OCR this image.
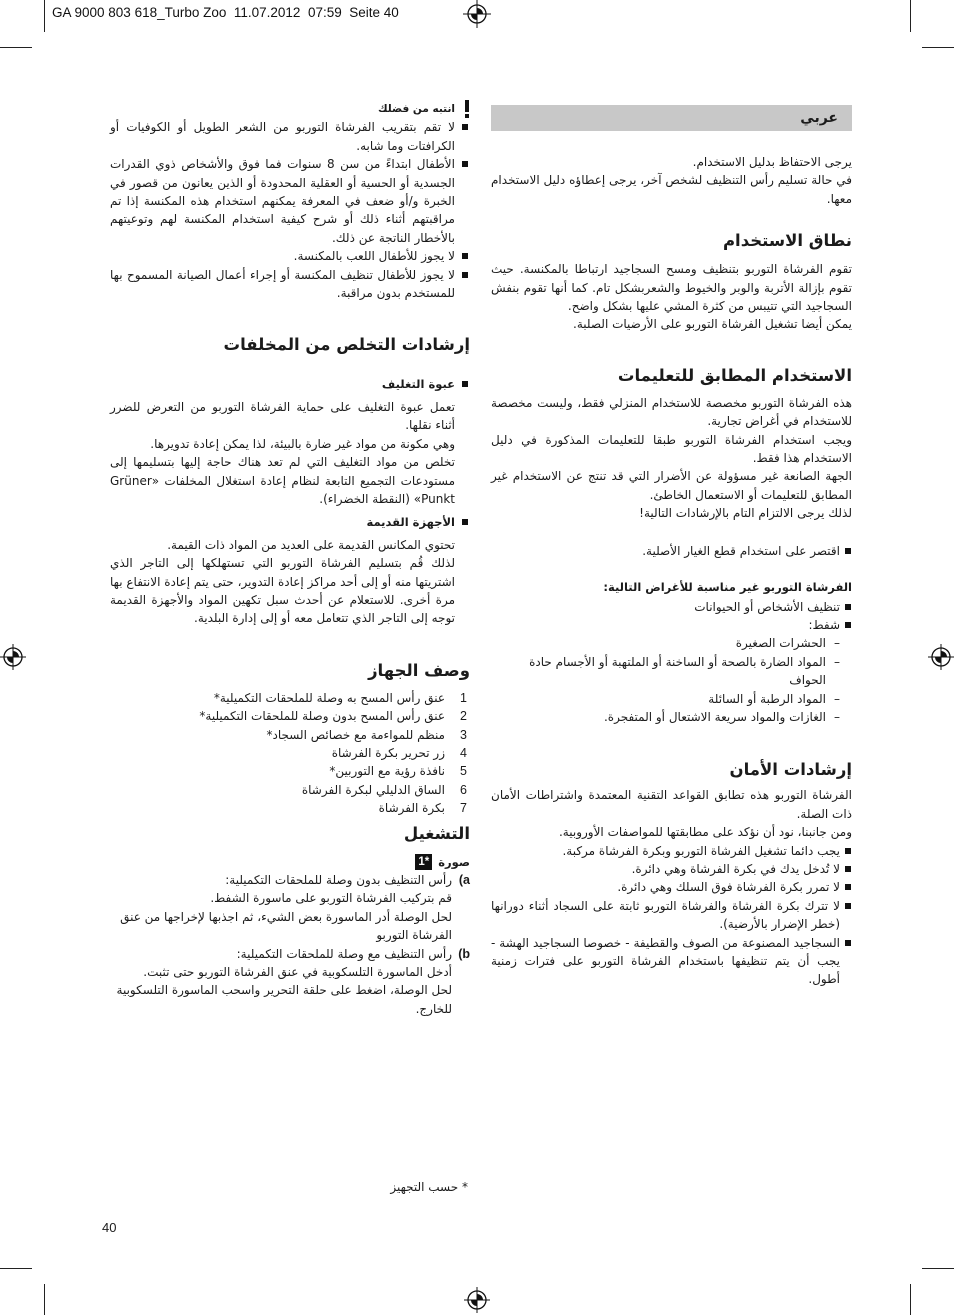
GA 9000 803 618_Turbo Zoo  11.07.2012  07:59  Seite 40
عربي

يرجى الاحتفاظ بدليل الاستخدام.

في حالة تسليم رأس التنظيف لشخص آخر، يرجى إعطاؤه دليل الاستخدام معها.

نطاق الاستخدام

تقوم الفرشاة التوربو بتنظيف ومسح السجاجيد ارتباطا بالمكنسة. حيث تقوم بإزالة الأتربة والوبر والخيوط والشعربشكل تام. كما أنها تقوم بنفش السجاجيد التي تتيبس من كثرة المشي عليها بشكل واضح.

يمكن أيضا تشغيل الفرشاة التوربو على الأرضيات الصلبة.

الاستخدام المطابق للتعليمات

هذه الفرشاة التوربو مخصصة للاستخدام المنزلي فقط، وليست مخصصة للاستخدام في أغراض تجارية.

ويجب استخدام الفرشاة التوربو طبقا للتعليمات المذكورة في دليل الاستخدام هذا فقط.

الجهة الصانعة غير مسؤولة عن الأضرار التي قد تنتج عن الاستخدام غير المطابق للتعليمات أو الاستعمال الخاطئ.

لذلك يرجى الالتزام التام بالإرشادات التالية!

اقتصر على استخدام قطع الغيار الأصلية.

الفرشاة التوربو غير مناسبة للأغراض التالية:

تنظيف الأشخاص أو الحيوانات

شفط:

– الحشرات الصغيرة

– المواد الضارة بالصحة أو الساخنة أو الملتهبة أو الأجسام حادة الحواف

– المواد الرطبة أو السائلة

– الغازات والمواد سريعة الاشتعال أو المتفجرة.

إرشادات الأمان

الفرشاة التوربو هذه تطابق القواعد التقنية المعتمدة واشتراطات الأمان ذات الصلة.

ومن جانبنا، نود أن نؤكد على مطابقتها للمواصفات الأوروبية.

يجب دائما تشغيل الفرشاة التوربو وبكرة الفرشاة مركبة.

لا تُدخل يدك في بكرة الفرشاة وهي دائرة.

لا تمرر بكرة الفرشاة فوق السلك وهي دائرة.

لا تترك بكرة الفرشاة والفرشاة التوربو ثابتة على السجاد أثناء دورانها (خطر الإضرار بالأرضية).

السجاجيد المصنوعة من الصوف والقطيفة - خصوصا السجاجيد الهشة - يجب أن يتم تنظيفها باستخدام الفرشاة التوربو على فترات زمنية أطول.

انتبه من فضلك

لا تقم بتقريب الفرشاة التوربو من الشعر الطويل أو الكوفيات أو الكرافتات وما شابه.

الأطفال ابتداءً من سن 8 سنوات فما فوق والأشخاص ذوي القدرات الجسدية أو الحسية أو العقلية المحدودة أو الذين يعانون من قصور في الخبرة و/أو ضعف في المعرفة يمكنهم استخدام هذه المكنسة إذا تم مراقبتهم أثناء ذلك أو شرح كيفية استخدام المكنسة لهم وتوعيتهم بالأخطار الناتجة عن ذلك.

لا يجوز للأطفال اللعب بالمكنسة.

لا يجوز للأطفال تنظيف المكنسة أو إجراء أعمال الصيانة المسموح بها للمستخدم بدون مراقبة.

إرشادات التخلص من المخلفات

عبوة التغليف

تعمل عبوة التغليف على حماية الفرشاة التوربو من التعرض للضرر أثناء نقلها.

وهي مكونة من مواد غير ضارة بالبيئة، لذا يمكن إعادة تدويرها.

تخلص من مواد التغليف التي لم تعد هناك حاجة إليها بتسليمها إلى مستودعات التجميع التابعة لنظام إعادة استغلال المخلفات «Grüner Punkt» (النقطة الخضراء).

الأجهزة القديمة

تحتوي المكانس القديمة على العديد من المواد ذات القيمة.

لذلك قُم بتسليم الفرشاة التوربو التي تستهلكها إلى التاجر الذي اشتريتها منه أو إلى أحد مراكز إعادة التدوير، حتى يتم إعادة الانتفاع بها مرة أخرى. للاستعلام عن أحدث سبل تكهين المواد والأجهزة القديمة توجه إلى التاجر الذي تتعامل معه أو إلى إدارة البلدية.

وصف الجهاز

1
عنق رأس المسح به وصلة للملحقات التكميلية*

2
عنق رأس المسح بدون وصلة للملحقات التكميلية*

3
منظم للمواءمة مع خصائص السجاد*

4
زر تحرير بكرة الفرشاة

5
نافذة رؤية مع التوربين*

6
الساق الدليلي لبكرة الفرشاة

7
بكرة الفرشاة

التشغيل
صورة
1*
a)

رأس التنظيف بدون وصلة للملحقات التكميلية:

قم بتركيب الفرشاة التوربو على ماسورة الشفط.

لحل الوصلة أدر الماسورة بعض الشيء، ثم اجذبها لإخراجها من عنق الفرشاة التوربو

b)

رأس التنظيف مع وصلة للملحقات التكميلية:

أدخل الماسورة التلسكوبية في عنق الفرشاة التوربو حتى تثبت.

لحل الوصلة، اضغط على حلقة التحرير واسحب الماسورة التلسكوبية للخارج.

* حسب التجهيز
40
